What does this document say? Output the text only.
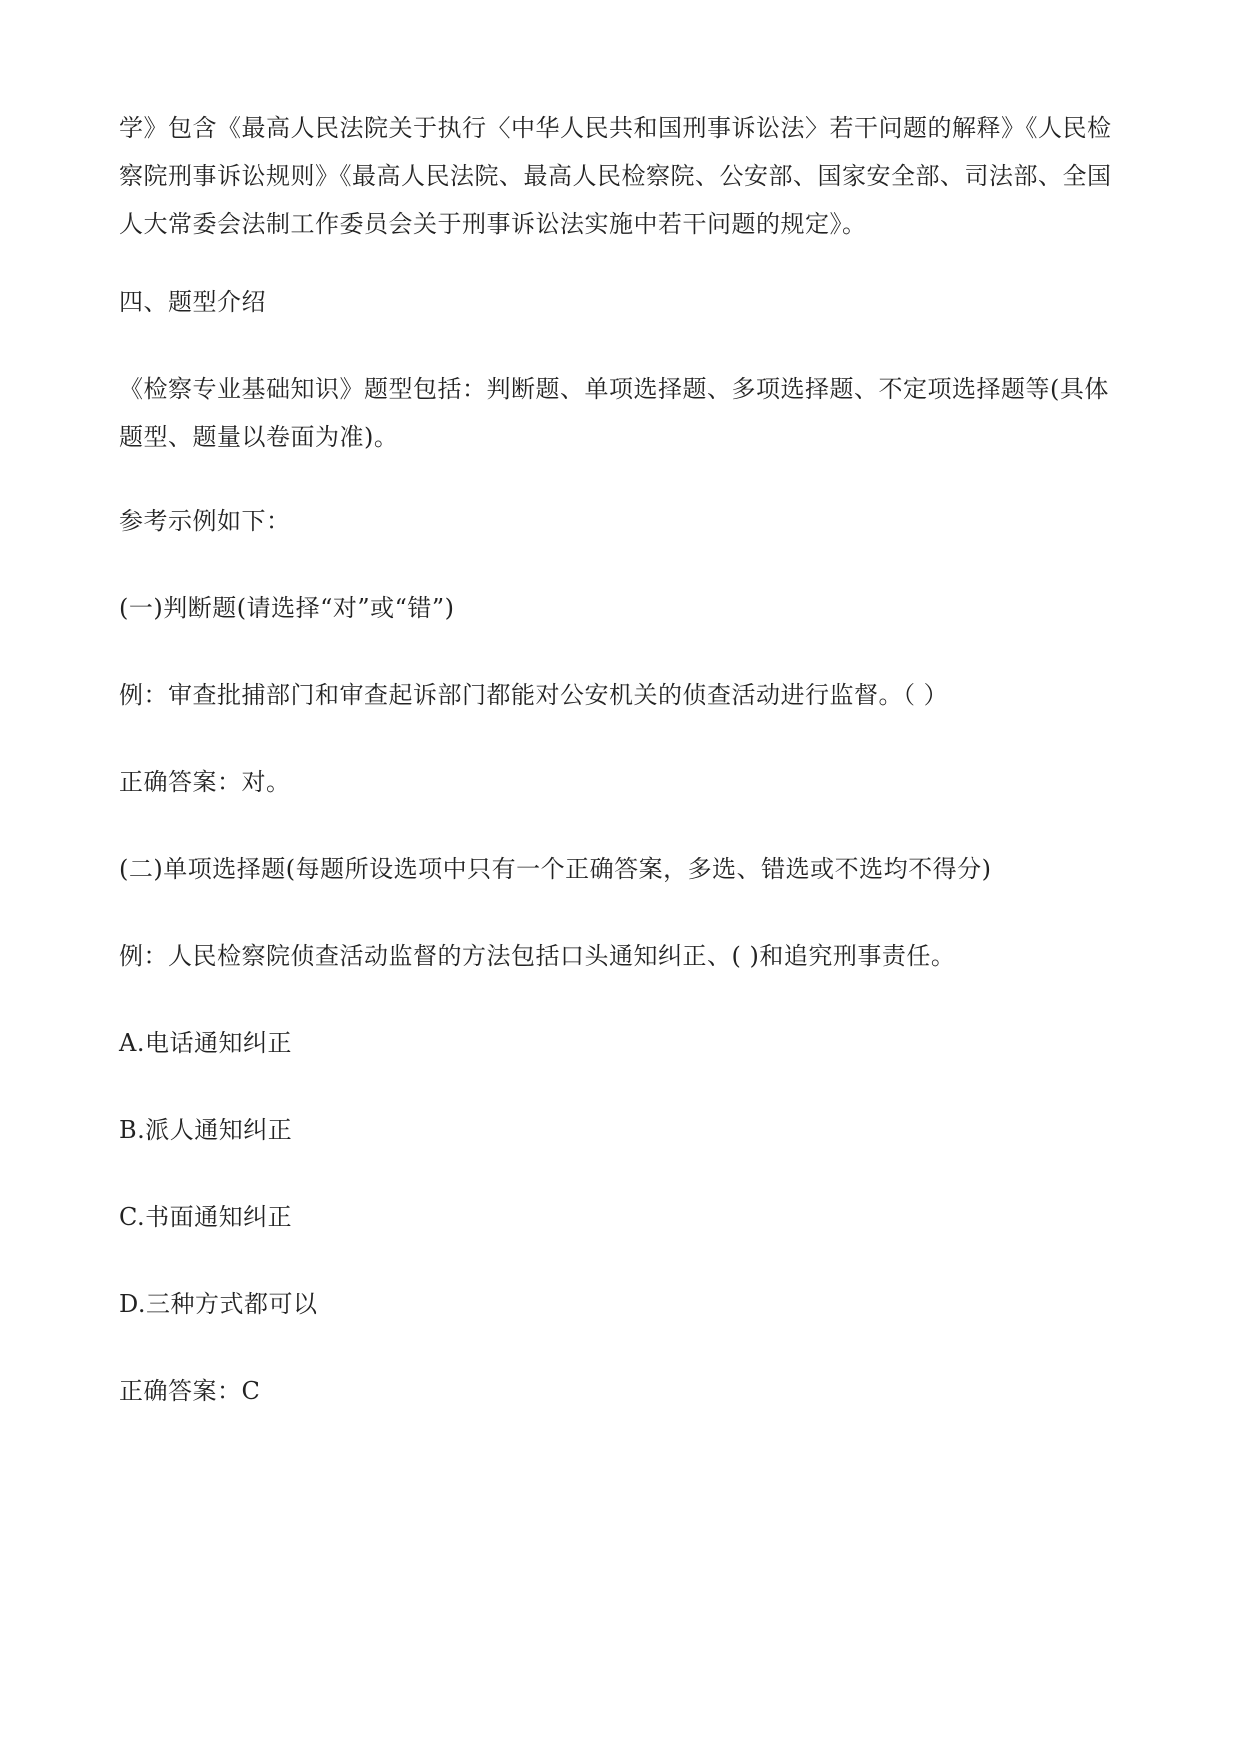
学》包含《最高人民法院关于执行〈中华人民共和国刑事诉讼法〉若干问题的解释》《人民检
察院刑事诉讼规则》《最高人民法院、最高人民检察院、公安部、国家安全部、司法部、全国
人大常委会法制工作委员会关于刑事诉讼法实施中若干问题的规定》。

四、题型介绍

《检察专业基础知识》题型包括：判断题、单项选择题、多项选择题、不定项选择题等(具体
题型、题量以卷面为准)。

参考示例如下：

(一)判断题(请选择“对”或“错”)

例：审查批捕部门和审查起诉部门都能对公安机关的侦查活动进行监督。（ ）

正确答案：对。

(二)单项选择题(每题所设选项中只有一个正确答案，多选、错选或不选均不得分)

例：人民检察院侦查活动监督的方法包括口头通知纠正、( )和追究刑事责任。

A.电话通知纠正

B.派人通知纠正

C.书面通知纠正

D.三种方式都可以

正确答案：C
